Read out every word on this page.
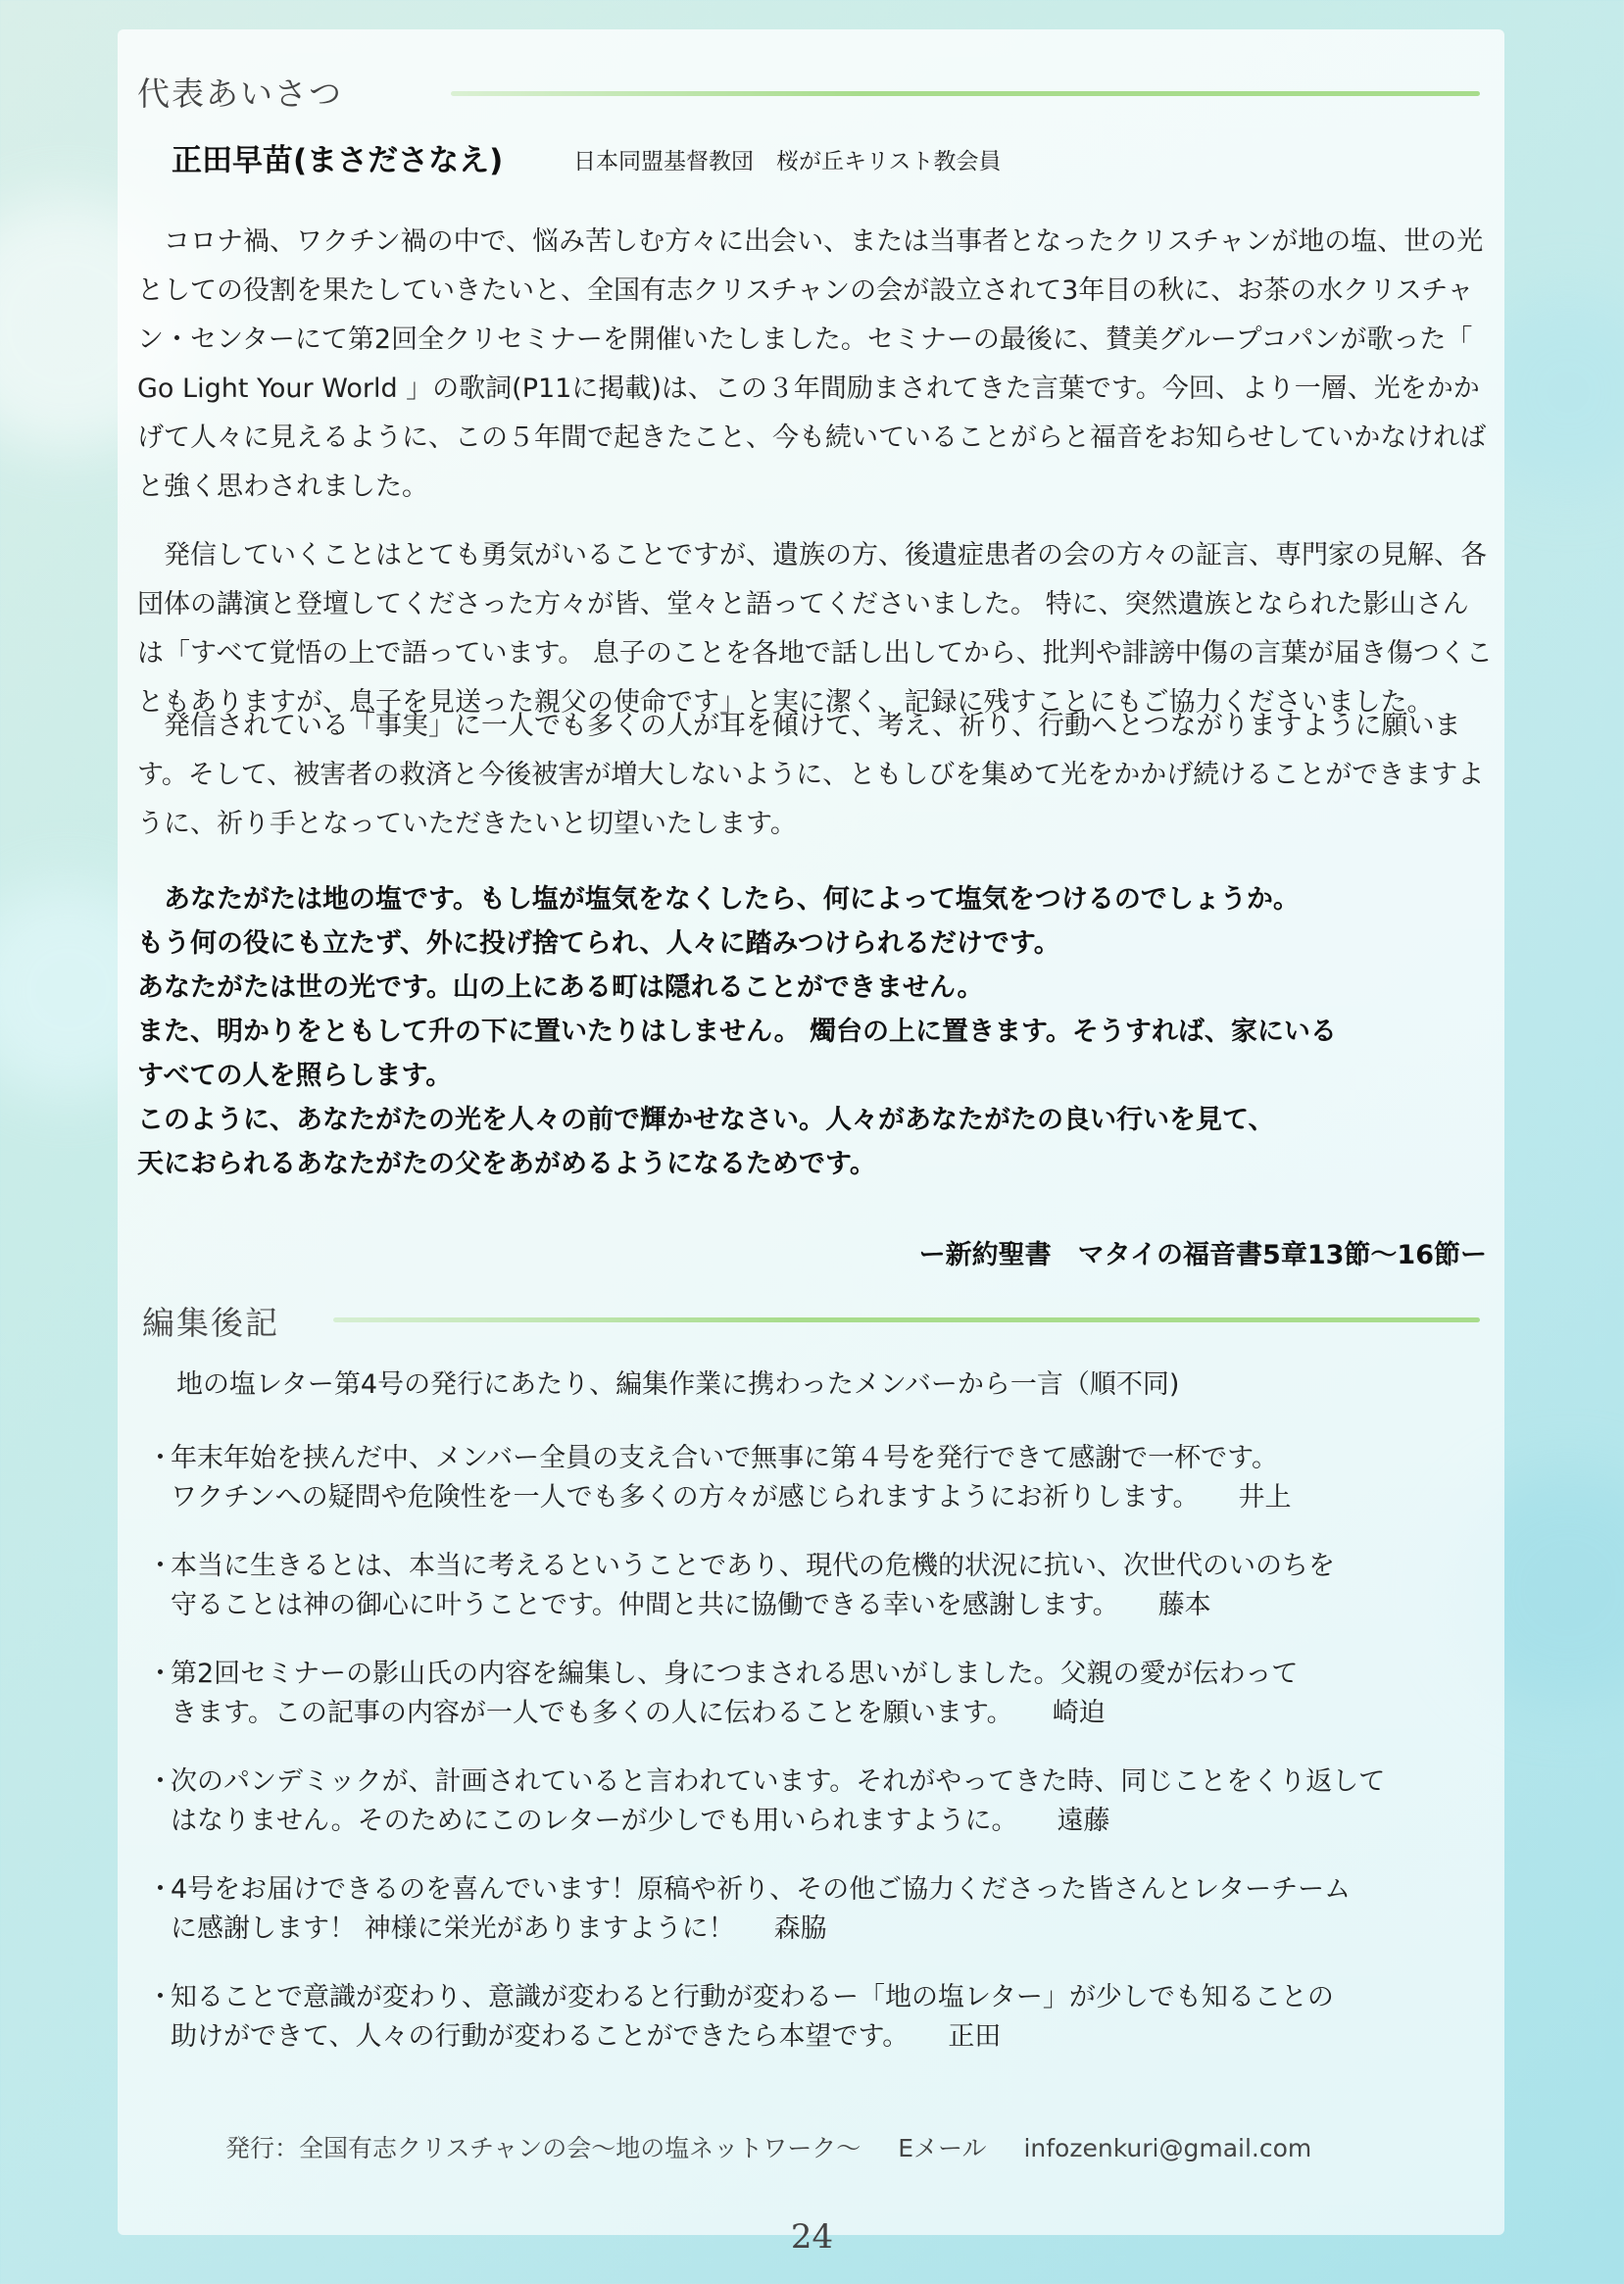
代表あいさつ
正田早苗(まさださなえ)	日本同盟基督教団　桜が丘キリスト教会員

　コロナ禍、ワクチン禍の中で、悩み苦しむ方々に出会い、または当事者となったクリスチャンが地の塩、世の光としての役割を果たしていきたいと、全国有志クリスチャンの会が設立されて3年目の秋に、お茶の水クリスチャン・センターにて第2回全クリセミナーを開催いたしました。セミナーの最後に、賛美グループコパンが歌った「 Go Light Your World 」の歌詞(P11に掲載)は、この３年間励まされてきた言葉です。今回、より一層、光をかかげて人々に見えるように、この５年間で起きたこと、今も続いていることがらと福音をお知らせしていかなければと強く思わされました。

　発信していくことはとても勇気がいることですが、遺族の方、後遺症患者の会の方々の証言、専門家の見解、各団体の講演と登壇してくださった方々が皆、堂々と語ってくださいました。 特に、突然遺族となられた影山さんは「すべて覚悟の上で語っています。 息子のことを各地で話し出してから、批判や誹謗中傷の言葉が届き傷つくこともありますが、息子を見送った親父の使命です」と実に潔く、記録に残すことにもご協力くださいました。

　発信されている「事実」に一人でも多くの人が耳を傾けて、考え、祈り、行動へとつながりますように願います。そして、被害者の救済と今後被害が増大しないように、ともしびを集めて光をかかげ続けることができますように、祈り手となっていただきたいと切望いたします。

　あなたがたは地の塩です。もし塩が塩気をなくしたら、何によって塩気をつけるのでしょうか。
もう何の役にも立たず、外に投げ捨てられ、人々に踏みつけられるだけです。
あなたがたは世の光です。山の上にある町は隠れることができません。
また、明かりをともして升の下に置いたりはしません。 燭台の上に置きます。そうすれば、家にいる
すべての人を照らします。
このように、あなたがたの光を人々の前で輝かせなさい。人々があなたがたの良い行いを見て、
天におられるあなたがたの父をあがめるようになるためです。
ー新約聖書　マタイの福音書5章13節〜16節ー
編集後記
地の塩レター第4号の発行にあたり、編集作業に携わったメンバーから一言（順不同)
・
年末年始を挟んだ中、メンバー全員の支え合いで無事に第４号を発行できて感謝で一杯です。
ワクチンへの疑問や危険性を一人でも多くの方々が感じられますようにお祈りします。 井上
・
本当に生きるとは、本当に考えるということであり、現代の危機的状況に抗い、次世代のいのちを
守ることは神の御心に叶うことです。仲間と共に協働できる幸いを感謝します。 藤本
・
第2回セミナーの影山氏の内容を編集し、身につまされる思いがしました。父親の愛が伝わって
きます。この記事の内容が一人でも多くの人に伝わることを願います。 崎迫
・
次のパンデミックが、計画されていると言われています。それがやってきた時、同じことをくり返して
はなりません。そのためにこのレターが少しでも用いられますように。 遠藤
・
4号をお届けできるのを喜んでいます！原稿や祈り、その他ご協力くださった皆さんとレターチーム
に感謝します！ 神様に栄光がありますように！ 森脇
・
知ることで意識が変わり、意識が変わると行動が変わるー「地の塩レター」が少しでも知ることの
助けができて、人々の行動が変わることができたら本望です。 正田
発行：全国有志クリスチャンの会〜地の塩ネットワーク〜 Eメール infozenkuri@gmail.com
24
